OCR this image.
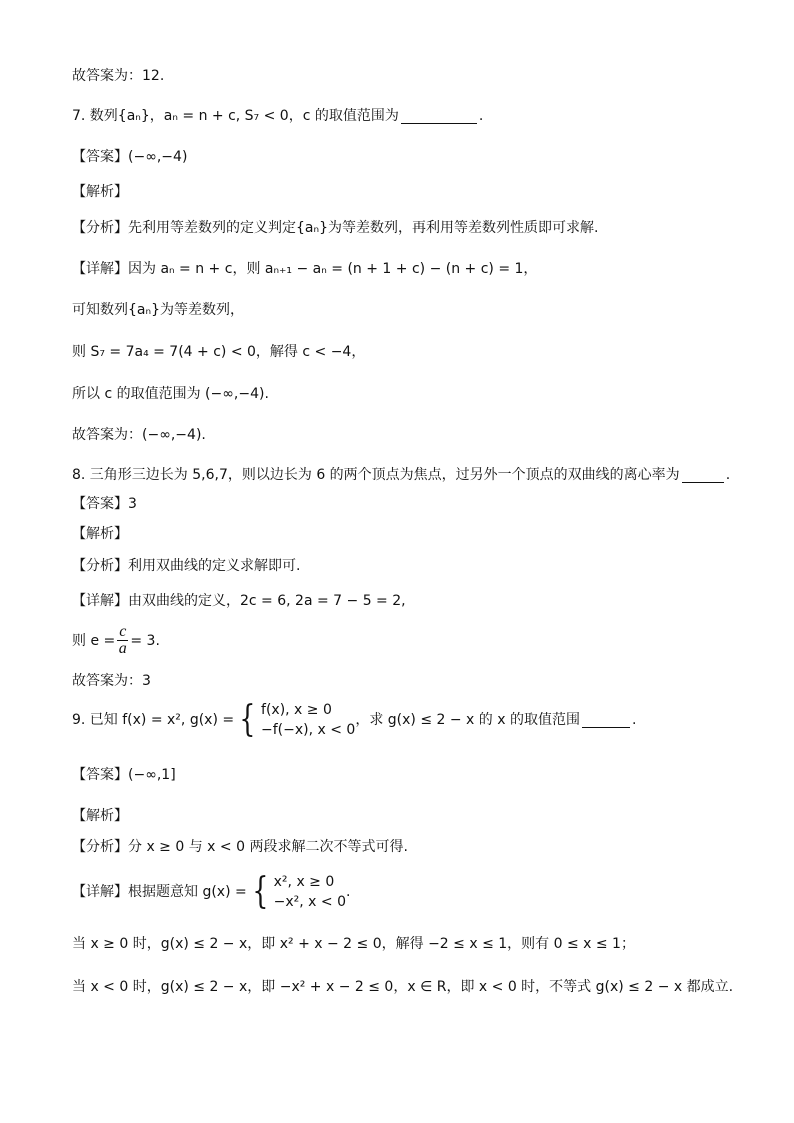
故答案为：12.
7. 数列{aₙ}，aₙ = n + c, S₇ < 0，c 的取值范围为	.
【答案】(−∞,−4)
【解析】
【分析】先利用等差数列的定义判定{aₙ}为等差数列，再利用等差数列性质即可求解.
【详解】因为 aₙ = n + c，则 aₙ₊₁ − aₙ = (n + 1 + c) − (n + c) = 1，
可知数列{aₙ}为等差数列，
则 S₇ = 7a₄ = 7(4 + c) < 0，解得 c < −4，
所以 c 的取值范围为 (−∞,−4).
故答案为：(−∞,−4).
8. 三角形三边长为 5,6,7，则以边长为 6 的两个顶点为焦点，过另外一个顶点的双曲线的离心率为	.
【答案】3
【解析】
【分析】利用双曲线的定义求解即可.
【详解】由双曲线的定义，2c = 6, 2a = 7 − 5 = 2,
则 $e = \frac{c}{a} = 3$.
故答案为：3
9. 已知 f(x) = x², g(x) = { f(x), x ≥ 0
−f(−x), x < 0
，求 g(x) ≤ 2 − x 的 x 的取值范围	.
【答案】(−∞,1]
【解析】
【分析】分 x ≥ 0 与 x < 0 两段求解二次不等式可得.
【详解】根据题意知 g(x) = { x², x ≥ 0
−x², x < 0
.
当 x ≥ 0 时，g(x) ≤ 2 − x，即 x² + x − 2 ≤ 0，解得 −2 ≤ x ≤ 1，则有 0 ≤ x ≤ 1；
当 x < 0 时，g(x) ≤ 2 − x，即 −x² + x − 2 ≤ 0，x ∈ R，即 x < 0 时，不等式 g(x) ≤ 2 − x 都成立.
